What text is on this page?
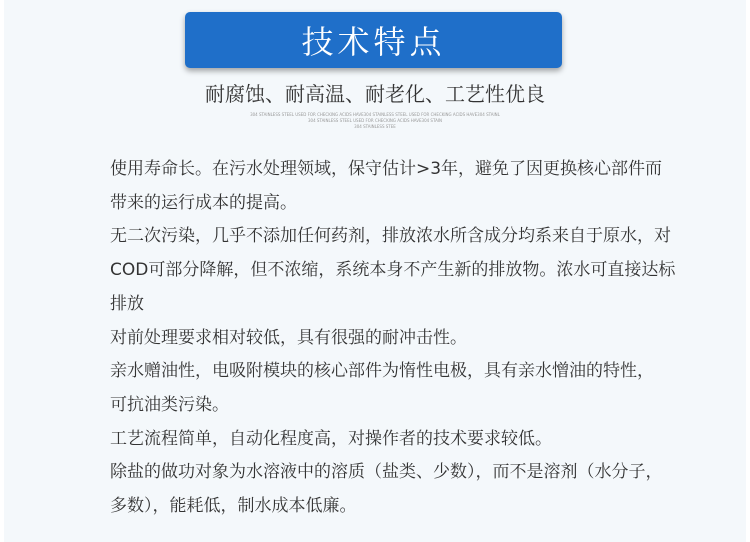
技术特点
耐腐蚀、耐高温、耐老化、工艺性优良
304 STAINLESS STEEL USED FOR CHECKING ACIDS HAVE304 STAINLESS STEEL USED FOR CHECKING ACIDS HAVE304 STAINL
304 STAINLESS STEEL USED FOR CHECKING ACIDS HAVE304 STAIN
304 STAINLESS STEE
使用寿命长。在污水处理领域，保守估计>3年，避免了因更换核心部件而
带来的运行成本的提高。
无二次污染，几乎不添加任何药剂，排放浓水所含成分均系来自于原水，对
COD可部分降解，但不浓缩，系统本身不产生新的排放物。浓水可直接达标
排放
对前处理要求相对较低，具有很强的耐冲击性。
亲水赠油性，电吸附模块的核心部件为惰性电极，具有亲水憎油的特性，
可抗油类污染。
工艺流程简单，自动化程度高，对操作者的技术要求较低。
除盐的做功对象为水溶液中的溶质（盐类、少数），而不是溶剂（水分子，
多数），能耗低，制水成本低廉。
